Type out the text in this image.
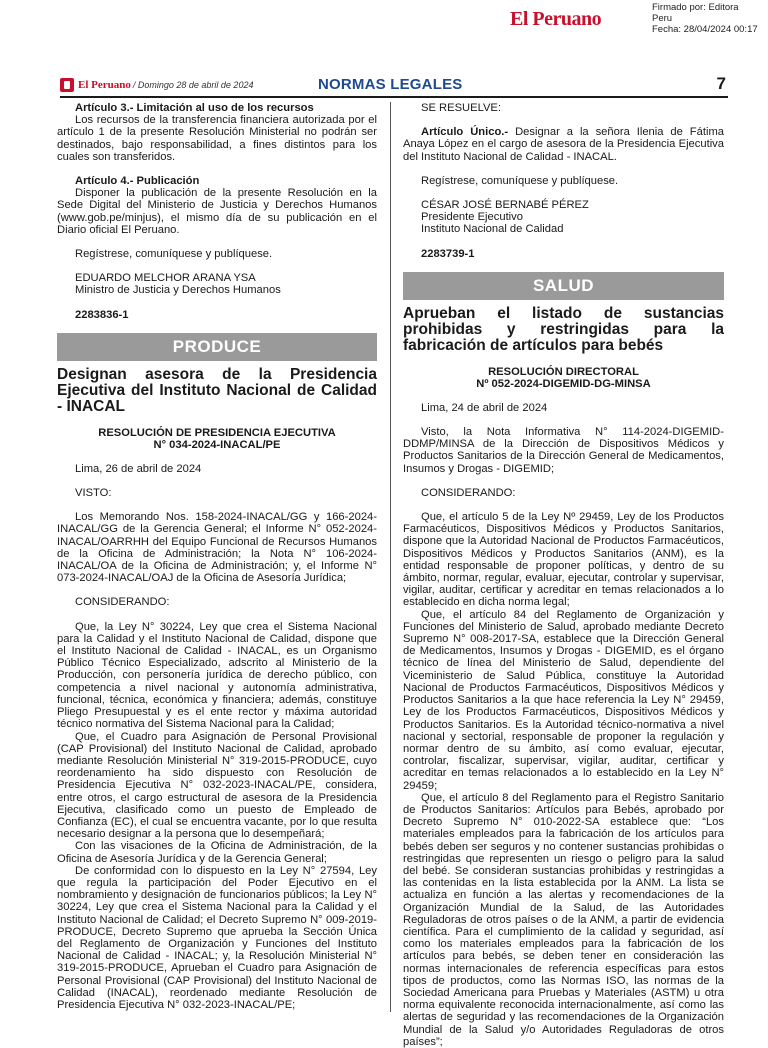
El Peruano
Firmado por: Editora
Peru
Fecha: 28/04/2024 00:17
El Peruano / Domingo 28 de abril de 2024	NORMAS LEGALES	7
Artículo 3.- Limitación al uso de los recursos
Los recursos de la transferencia financiera autorizada por el artículo 1 de la presente Resolución Ministerial no podrán ser destinados, bajo responsabilidad, a fines distintos para los cuales son transferidos.
Artículo 4.- Publicación
Disponer la publicación de la presente Resolución en la Sede Digital del Ministerio de Justicia y Derechos Humanos (www.gob.pe/minjus), el mismo día de su publicación en el Diario oficial El Peruano.
Regístrese, comuníquese y publíquese.
EDUARDO MELCHOR ARANA YSA
Ministro de Justicia y Derechos Humanos
2283836-1
PRODUCE
Designan asesora de la Presidencia Ejecutiva del Instituto Nacional de Calidad - INACAL
RESOLUCIÓN DE PRESIDENCIA EJECUTIVA
N° 034-2024-INACAL/PE
Lima, 26 de abril de 2024
VISTO:
Los Memorando Nos. 158-2024-INACAL/GG y 166-2024-INACAL/GG de la Gerencia General; el Informe N° 052-2024-INACAL/OARRHH del Equipo Funcional de Recursos Humanos de la Oficina de Administración; la Nota N° 106-2024-INACAL/OA de la Oficina de Administración; y, el Informe N° 073-2024-INACAL/OAJ de la Oficina de Asesoría Jurídica;
CONSIDERANDO:
Que, la Ley N° 30224, Ley que crea el Sistema Nacional para la Calidad y el Instituto Nacional de Calidad, dispone que el Instituto Nacional de Calidad - INACAL, es un Organismo Público Técnico Especializado, adscrito al Ministerio de la Producción, con personería jurídica de derecho público, con competencia a nivel nacional y autonomía administrativa, funcional, técnica, económica y financiera; además, constituye Pliego Presupuestal y es el ente rector y máxima autoridad técnico normativa del Sistema Nacional para la Calidad;
Que, el Cuadro para Asignación de Personal Provisional (CAP Provisional) del Instituto Nacional de Calidad, aprobado mediante Resolución Ministerial N° 319-2015-PRODUCE, cuyo reordenamiento ha sido dispuesto con Resolución de Presidencia Ejecutiva N° 032-2023-INACAL/PE, considera, entre otros, el cargo estructural de asesora de la Presidencia Ejecutiva, clasificado como un puesto de Empleado de Confianza (EC), el cual se encuentra vacante, por lo que resulta necesario designar a la persona que lo desempeñará;
Con las visaciones de la Oficina de Administración, de la Oficina de Asesoría Jurídica y de la Gerencia General;
De conformidad con lo dispuesto en la Ley N° 27594, Ley que regula la participación del Poder Ejecutivo en el nombramiento y designación de funcionarios públicos; la Ley N° 30224, Ley que crea el Sistema Nacional para la Calidad y el Instituto Nacional de Calidad; el Decreto Supremo N° 009-2019-PRODUCE, Decreto Supremo que aprueba la Sección Única del Reglamento de Organización y Funciones del Instituto Nacional de Calidad - INACAL; y, la Resolución Ministerial N° 319-2015-PRODUCE, Aprueban el Cuadro para Asignación de Personal Provisional (CAP Provisional) del Instituto Nacional de Calidad (INACAL), reordenado mediante Resolución de Presidencia Ejecutiva N° 032-2023-INACAL/PE;
SE RESUELVE:
Artículo Único.- Designar a la señora Ilenia de Fátima Anaya López en el cargo de asesora de la Presidencia Ejecutiva del Instituto Nacional de Calidad - INACAL.
Regístrese, comuníquese y publíquese.
CÉSAR JOSÉ BERNABÉ PÉREZ
Presidente Ejecutivo
Instituto Nacional de Calidad
2283739-1
SALUD
Aprueban el listado de sustancias prohibidas y restringidas para la fabricación de artículos para bebés
RESOLUCIÓN DIRECTORAL
Nº 052-2024-DIGEMID-DG-MINSA
Lima, 24 de abril de 2024
Visto, la Nota Informativa N° 114-2024-DIGEMID-DDMP/MINSA de la Dirección de Dispositivos Médicos y Productos Sanitarios de la Dirección General de Medicamentos, Insumos y Drogas - DIGEMID;
CONSIDERANDO:
Que, el artículo 5 de la Ley Nº 29459, Ley de los Productos Farmacéuticos, Dispositivos Médicos y Productos Sanitarios, dispone que la Autoridad Nacional de Productos Farmacéuticos, Dispositivos Médicos y Productos Sanitarios (ANM), es la entidad responsable de proponer políticas, y dentro de su ámbito, normar, regular, evaluar, ejecutar, controlar y supervisar, vigilar, auditar, certificar y acreditar en temas relacionados a lo establecido en dicha norma legal;
Que, el artículo 84 del Reglamento de Organización y Funciones del Ministerio de Salud, aprobado mediante Decreto Supremo N° 008-2017-SA, establece que la Dirección General de Medicamentos, Insumos y Drogas - DIGEMID, es el órgano técnico de línea del Ministerio de Salud, dependiente del Viceministerio de Salud Pública, constituye la Autoridad Nacional de Productos Farmacéuticos, Dispositivos Médicos y Productos Sanitarios a la que hace referencia la Ley N° 29459, Ley de los Productos Farmacéuticos, Dispositivos Médicos y Productos Sanitarios. Es la Autoridad técnico-normativa a nivel nacional y sectorial, responsable de proponer la regulación y normar dentro de su ámbito, así como evaluar, ejecutar, controlar, fiscalizar, supervisar, vigilar, auditar, certificar y acreditar en temas relacionados a lo establecido en la Ley N° 29459;
Que, el artículo 8 del Reglamento para el Registro Sanitario de Productos Sanitarios: Artículos para Bebés, aprobado por Decreto Supremo N° 010-2022-SA establece que: “Los materiales empleados para la fabricación de los artículos para bebés deben ser seguros y no contener sustancias prohibidas o restringidas que representen un riesgo o peligro para la salud del bebé. Se consideran sustancias prohibidas y restringidas a las contenidas en la lista establecida por la ANM. La lista se actualiza en función a las alertas y recomendaciones de la Organización Mundial de la Salud, de las Autoridades Reguladoras de otros países o de la ANM, a partir de evidencia científica. Para el cumplimiento de la calidad y seguridad, así como los materiales empleados para la fabricación de los artículos para bebés, se deben tener en consideración las normas internacionales de referencia específicas para estos tipos de productos, como las Normas ISO, las normas de la Sociedad Americana para Pruebas y Materiales (ASTM) u otra norma equivalente reconocida internacionalmente, así como las alertas de seguridad y las recomendaciones de la Organización Mundial de la Salud y/o Autoridades Reguladoras de otros países”;
